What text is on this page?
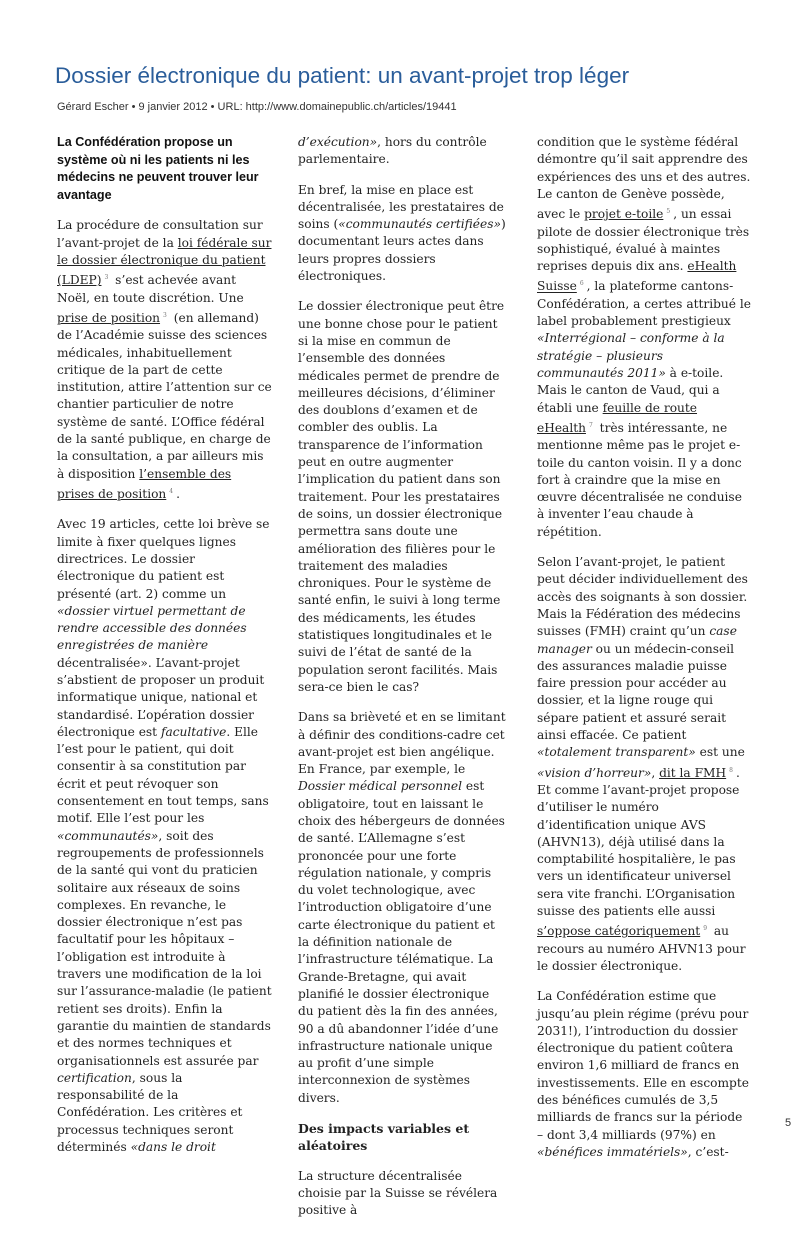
Dossier électronique du patient: un avant-projet trop léger

Gérard Escher • 9 janvier 2012 • URL: http://www.domainepublic.ch/articles/19441

La Confédération propose un système où ni les patients ni les médecins ne peuvent trouver leur avantage

La procédure de consultation sur l’avant-projet de la loi fédérale sur le dossier électronique du patient (LDEP) $^3$ s’est achevée avant Noël, en toute discrétion. Une prise de position $^3$ (en allemand) de l’Académie suisse des sciences médicales, inhabituellement critique de la part de cette institution, attire l’attention sur ce chantier particulier de notre système de santé. L’Office fédéral de la santé publique, en charge de la consultation, a par ailleurs mis à disposition l’ensemble des prises de position $^4$ .

Avec 19 articles, cette loi brève se limite à fixer quelques lignes directrices. Le dossier électronique du patient est présenté (art. 2) comme un «dossier virtuel permettant de rendre accessible des données enregistrées de manière décentralisée». L’avant-projet s’abstient de proposer un produit informatique unique, national et standardisé. L’opération dossier électronique est facultative. Elle l’est pour le patient, qui doit consentir à sa constitution par écrit et peut révoquer son consentement en tout temps, sans motif. Elle l’est pour les «communautés», soit des regroupements de professionnels de la santé qui vont du praticien solitaire aux réseaux de soins complexes. En revanche, le dossier électronique n’est pas facultatif pour les hôpitaux – l’obligation est introduite à travers une modification de la loi sur l’assurance-maladie (le patient retient ses droits). Enfin la garantie du maintien de standards et des normes techniques et organisationnels est assurée par certification, sous la responsabilité de la Confédération. Les critères et processus techniques seront déterminés «dans le droit

d’exécution», hors du contrôle parlementaire.

En bref, la mise en place est décentralisée, les prestataires de soins («communautés certifiées») documentant leurs actes dans leurs propres dossiers électroniques.

Le dossier électronique peut être une bonne chose pour le patient si la mise en commun de l’ensemble des données médicales permet de prendre de meilleures décisions, d’éliminer des doublons d’examen et de combler des oublis. La transparence de l’information peut en outre augmenter l’implication du patient dans son traitement. Pour les prestataires de soins, un dossier électronique permettra sans doute une amélioration des filières pour le traitement des maladies chroniques. Pour le système de santé enfin, le suivi à long terme des médicaments, les études statistiques longitudinales et le suivi de l’état de santé de la population seront facilités. Mais sera-ce bien le cas?

Dans sa brièveté et en se limitant à définir des conditions-cadre cet avant-projet est bien angélique. En France, par exemple, le Dossier médical personnel est obligatoire, tout en laissant le choix des hébergeurs de données de santé. L’Allemagne s’est prononcée pour une forte régulation nationale, y compris du volet technologique, avec l’introduction obligatoire d’une carte électronique du patient et la définition nationale de l’infrastructure télématique. La Grande-Bretagne, qui avait planifié le dossier électronique du patient dès la fin des années, 90 a dû abandonner l’idée d’une infrastructure nationale unique au profit d’une simple interconnexion de systèmes divers.

Des impacts variables et aléatoires

La structure décentralisée choisie par la Suisse se révélera positive à

condition que le système fédéral démontre qu’il sait apprendre des expériences des uns et des autres. Le canton de Genève possède, avec le projet e-toile $^5$ , un essai pilote de dossier électronique très sophistiqué, évalué à maintes reprises depuis dix ans. eHealth Suisse $^6$ , la plateforme cantons-Confédération, a certes attribué le label probablement prestigieux «Interrégional – conforme à la stratégie – plusieurs communautés 2011» à e-toile. Mais le canton de Vaud, qui a établi une feuille de route eHealth $^7$ très intéressante, ne mentionne même pas le projet e-toile du canton voisin. Il y a donc fort à craindre que la mise en œuvre décentralisée ne conduise à inventer l’eau chaude à répétition.

Selon l’avant-projet, le patient peut décider individuellement des accès des soignants à son dossier. Mais la Fédération des médecins suisses (FMH) craint qu’un case manager ou un médecin-conseil des assurances maladie puisse faire pression pour accéder au dossier, et la ligne rouge qui sépare patient et assuré serait ainsi effacée. Ce patient «totalement transparent» est une «vision d’horreur», dit la FMH $^8$ . Et comme l’avant-projet propose d’utiliser le numéro d’identification unique AVS (AHVN13), déjà utilisé dans la comptabilité hospitalière, le pas vers un identificateur universel sera vite franchi. L’Organisation suisse des patients elle aussi s’oppose catégoriquement $^9$ au recours au numéro AHVN13 pour le dossier électronique.

La Confédération estime que jusqu’au plein régime (prévu pour 2031!), l’introduction du dossier électronique du patient coûtera environ 1,6 milliard de francs en investissements. Elle en escompte des bénéfices cumulés de 3,5 milliards de francs sur la période – dont 3,4 milliards (97%) en «bénéfices immatériels», c’est-

5
